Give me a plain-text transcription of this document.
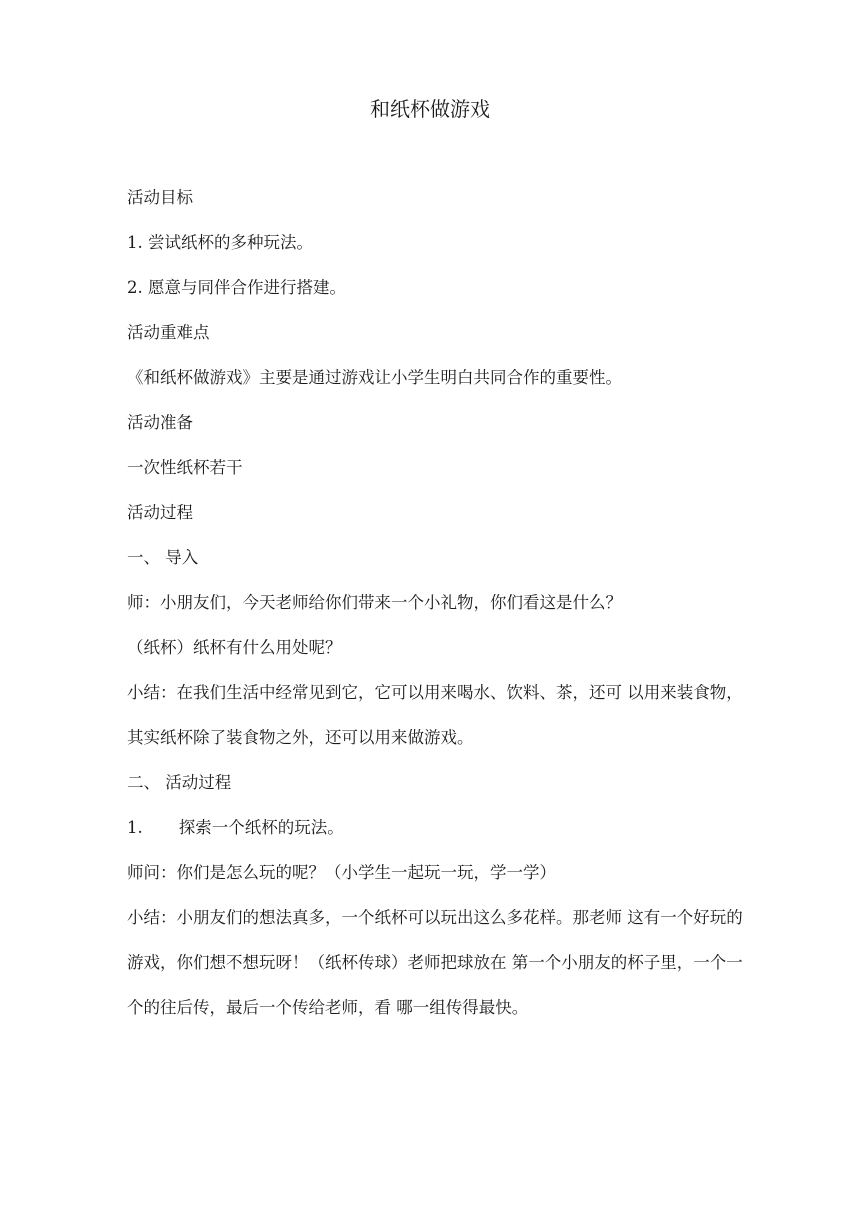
和纸杯做游戏
活动目标
1. 尝试纸杯的多种玩法。
2. 愿意与同伴合作进行搭建。
活动重难点
《和纸杯做游戏》主要是通过游戏让小学生明白共同合作的重要性。
活动准备
一次性纸杯若干
活动过程
一、 导入
师：小朋友们，今天老师给你们带来一个小礼物，你们看这是什么？
（纸杯）纸杯有什么用处呢？
小结：在我们生活中经常见到它，它可以用来喝水、饮料、茶，还可 以用来装食物，其实纸杯除了装食物之外，还可以用来做游戏。
二、 活动过程
1. 探索一个纸杯的玩法。
师问：你们是怎么玩的呢？（小学生一起玩一玩，学一学）
小结：小朋友们的想法真多，一个纸杯可以玩出这么多花样。那老师 这有一个好玩的游戏，你们想不想玩呀！（纸杯传球）老师把球放在 第一个小朋友的杯子里，一个一个的往后传，最后一个传给老师，看 哪一组传得最快。
